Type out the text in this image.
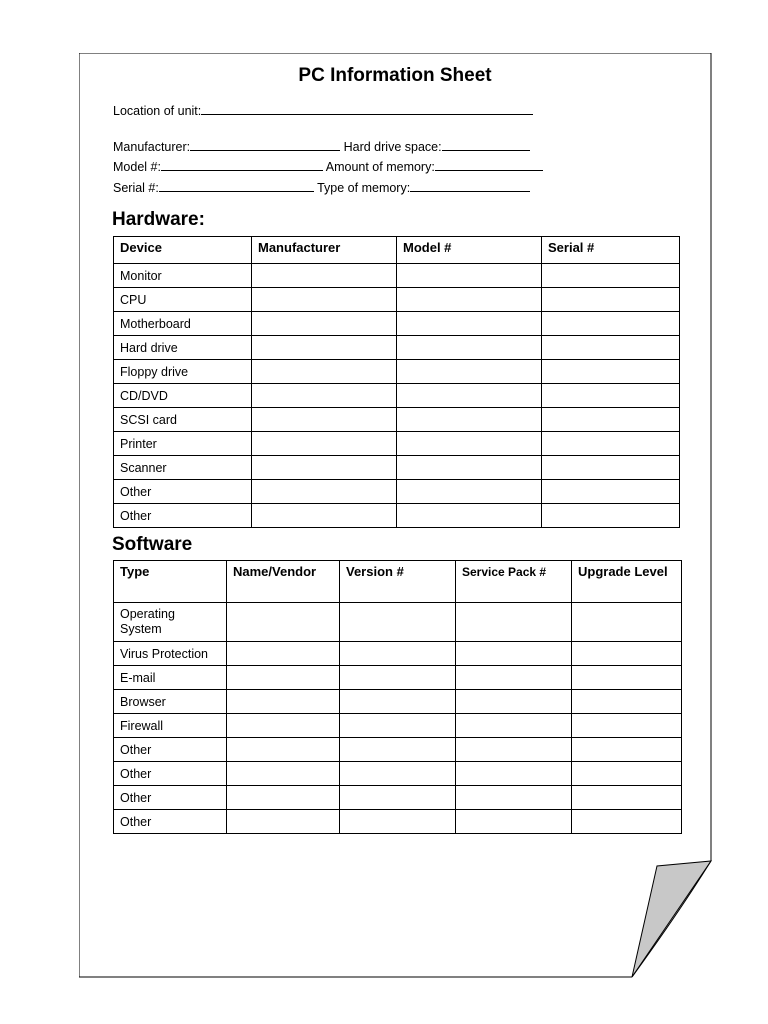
PC Information Sheet
Location of unit:
Manufacturer:	Hard drive space:
Model #:	Amount of memory:
Serial #:	Type of memory:
Hardware:
Device	Manufacturer	Model #	Serial #
Monitor			
CPU			
Motherboard			
Hard drive			
Floppy drive			
CD/DVD			
SCSI card			
Printer			
Scanner			
Other			
Other			
Software
Type	Name/Vendor	Version #	Service Pack #	Upgrade Level
Operating System				
Virus Protection				
E-mail				
Browser				
Firewall				
Other				
Other				
Other				
Other				
